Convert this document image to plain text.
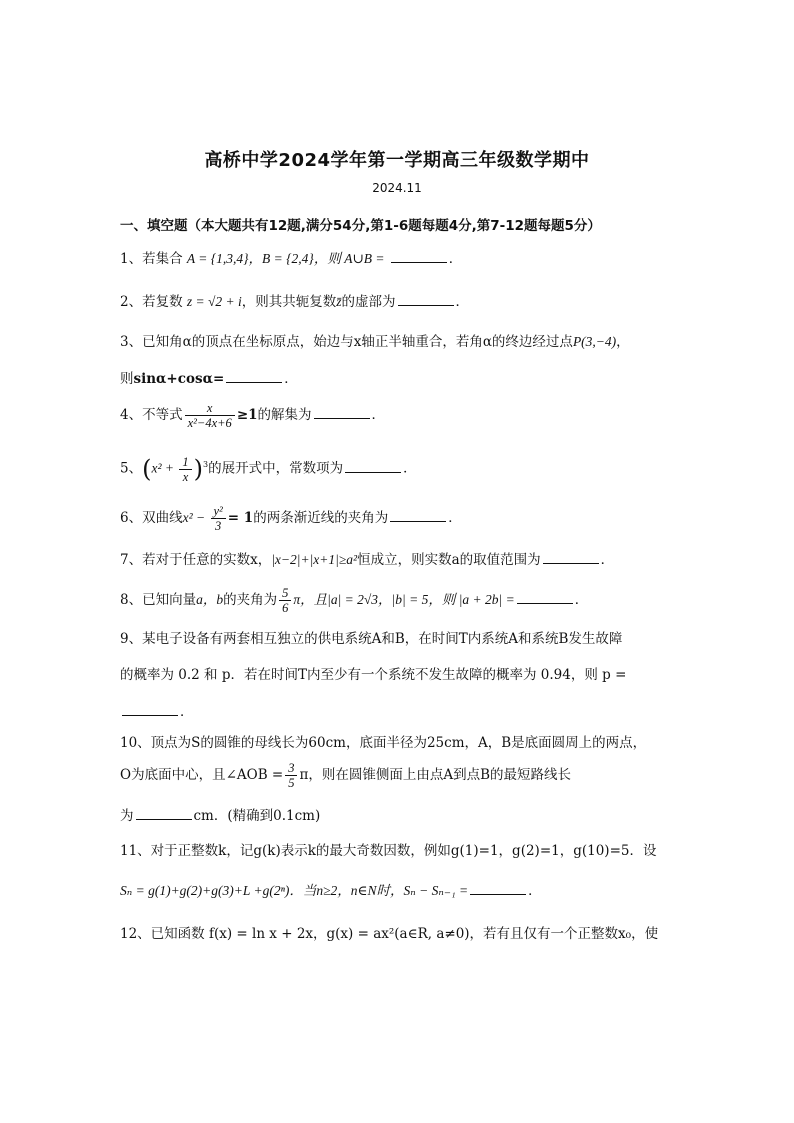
高桥中学2024学年第一学期高三年级数学期中
2024.11
一、填空题（本大题共有12题,满分54分,第1-6题每题4分,第7-12题每题5分）
1、若集合 A = {1,3,4}，B = {2,4}，则 A∪B =	．
2、若复数 z = √2 + i，则其共轭复数z̄的虚部为	．
3、已知角α的顶点在坐标原点，始边与x轴正半轴重合，若角α的终边经过点P(3,−4)，
则sinα+cosα=	．
4、不等式 $\frac{x}{\text{x²−4x+6}} \ge 1$的解集为	．
5、$(x^2 + \frac{1}{x} )^3$的展开式中，常数项为	．
6、双曲线$x^2 - \frac{\text{y²}}{3} = 1$的两条渐近线的夹角为	．
7、若对于任意的实数x，|x−2|+|x+1|≥a²恒成立，则实数a的取值范围为	．
8、已知向量a，b的夹角为 $\frac{5}{6}$ π，且|a| = 2√3，|b| = 5，则 |a + 2b| =	．
9、某电子设备有两套相互独立的供电系统A和B，在时间T内系统A和系统B发生故障
的概率为 0.2 和 p．若在时间T内至少有一个系统不发生故障的概率为 0.94，则 p =
．
10、顶点为S的圆锥的母线长为60cm，底面半径为25cm，A，B是底面圆周上的两点，
O为底面中心，且∠AOB = $\frac{3}{5}$ π，则在圆锥侧面上由点A到点B的最短路线长
为	cm．(精确到0.1cm)
11、对于正整数k，记g(k)表示k的最大奇数因数，例如g(1)=1，g(2)=1，g(10)=5．设
Sₙ = g(1)+g(2)+g(3)+L +g(2ⁿ)．当n≥2，n∈N时，Sₙ − Sₙ₋₁ =	．
12、已知函数 f(x) = ln x + 2x，g(x) = ax²(a∈R, a≠0)，若有且仅有一个正整数x₀，使
